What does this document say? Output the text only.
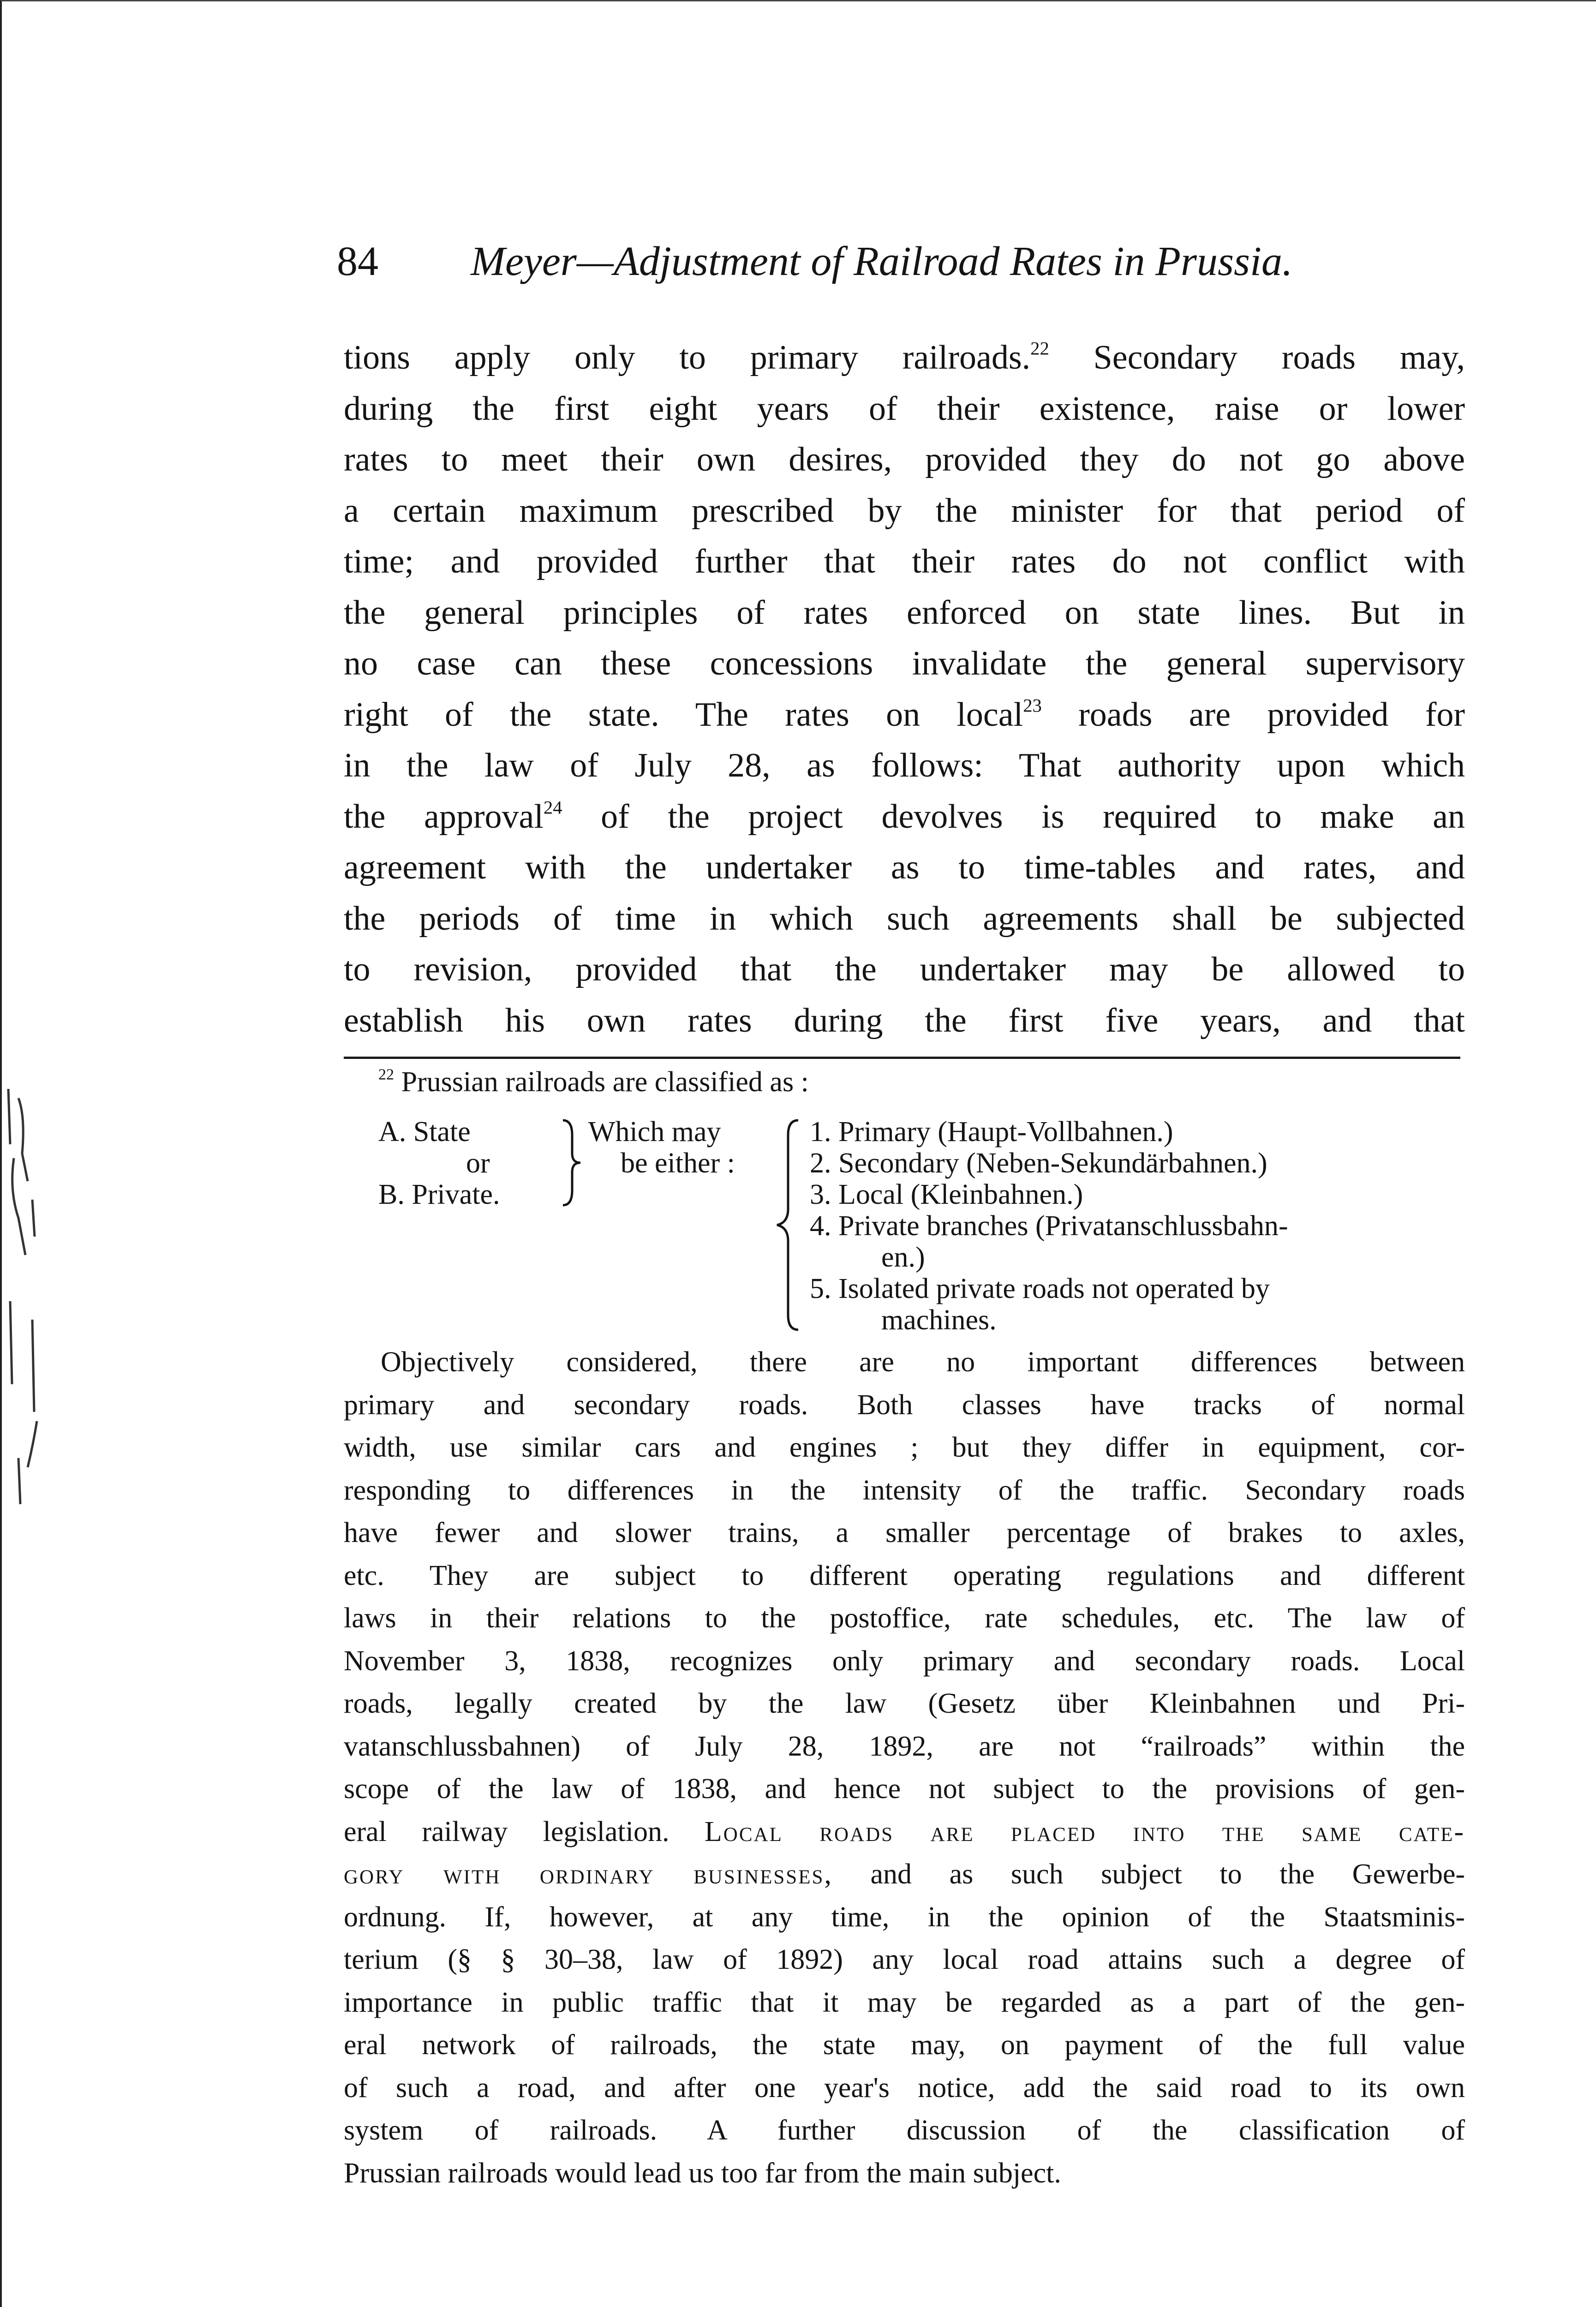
84 Meyer—Adjustment of Railroad Rates in Prussia.
tions apply only to primary railroads.$^{22}$ Secondary roads may,
during the first eight years of their existence, raise or lower
rates to meet their own desires, provided they do not go above
a certain maximum prescribed by the minister for that period of
time; and provided further that their rates do not conflict with
the general principles of rates enforced on state lines. But in
no case can these concessions invalidate the general supervisory
right of the state. The rates on local$^{23}$ roads are provided for
in the law of July 28, as follows: That authority upon which
the approval$^{24}$ of the project devolves is required to make an
agreement with the undertaker as to time-tables and rates, and
the periods of time in which such agreements shall be subjected
to revision, provided that the undertaker may be allowed to
establish his own rates during the first five years, and that
$^{22}$ Prussian railroads are classified as :
A. State
or
B. Private.
Which may
be either :
1. Primary (Haupt-Vollbahnen.)
2. Secondary (Neben-Sekundärbahnen.)
3. Local (Kleinbahnen.)
4. Private branches (Privatanschlussbahn-
en.)
5. Isolated private roads not operated by
machines.
Objectively considered, there are no important differences between
primary and secondary roads. Both classes have tracks of normal
width, use similar cars and engines ; but they differ in equipment, cor-
responding to differences in the intensity of the traffic. Secondary roads
have fewer and slower trains, a smaller percentage of brakes to axles,
etc. They are subject to different operating regulations and different
laws in their relations to the postoffice, rate schedules, etc. The law of
November 3, 1838, recognizes only primary and secondary roads. Local
roads, legally created by the law (Gesetz über Kleinbahnen und Pri-
vatanschlussbahnen) of July 28, 1892, are not “railroads” within the
scope of the law of 1838, and hence not subject to the provisions of gen-
eral railway legislation. Local roads are placed into the same cate-
gory with ordinary businesses, and as such subject to the Gewerbe-
ordnung. If, however, at any time, in the opinion of the Staatsminis-
terium (§ § 30–38, law of 1892) any local road attains such a degree of
importance in public traffic that it may be regarded as a part of the gen-
eral network of railroads, the state may, on payment of the full value
of such a road, and after one year's notice, add the said road to its own
system of railroads. A further discussion of the classification of
Prussian railroads would lead us too far from the main subject.
